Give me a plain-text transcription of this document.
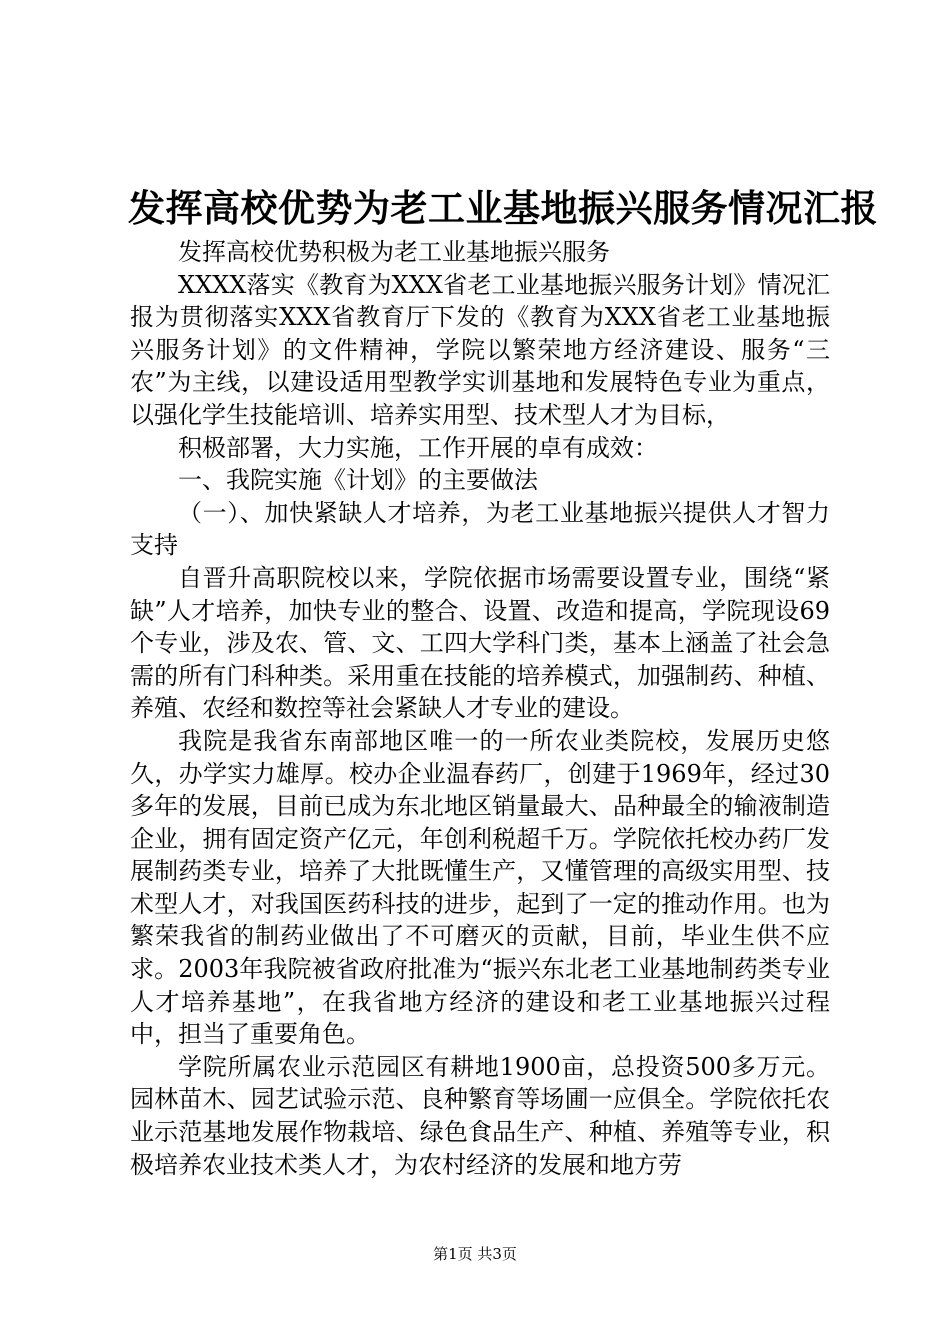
发挥高校优势为老工业基地振兴服务情况汇报

发挥高校优势积极为老工业基地振兴服务

XXXX落实《教育为XXX省老工业基地振兴服务计划》情况汇报为贯彻落实XXX省教育厅下发的《教育为XXX省老工业基地振兴服务计划》的文件精神，学院以繁荣地方经济建设、服务“三农”为主线，以建设适用型教学实训基地和发展特色专业为重点，以强化学生技能培训、培养实用型、技术型人才为目标，

积极部署，大力实施，工作开展的卓有成效：

一、我院实施《计划》的主要做法

（一）、加快紧缺人才培养，为老工业基地振兴提供人才智力支持

自晋升高职院校以来，学院依据市场需要设置专业，围绕“紧缺”人才培养，加快专业的整合、设置、改造和提高，学院现设69个专业，涉及农、管、文、工四大学科门类，基本上涵盖了社会急需的所有门科种类。采用重在技能的培养模式，加强制药、种植、养殖、农经和数控等社会紧缺人才专业的建设。

我院是我省东南部地区唯一的一所农业类院校，发展历史悠久，办学实力雄厚。校办企业温春药厂，创建于1969年，经过30多年的发展，目前已成为东北地区销量最大、品种最全的输液制造企业，拥有固定资产亿元，年创利税超千万。学院依托校办药厂发展制药类专业，培养了大批既懂生产，又懂管理的高级实用型、技术型人才，对我国医药科技的进步，起到了一定的推动作用。也为繁荣我省的制药业做出了不可磨灭的贡献，目前，毕业生供不应求。2003年我院被省政府批准为“振兴东北老工业基地制药类专业人才培养基地”，在我省地方经济的建设和老工业基地振兴过程中，担当了重要角色。

学院所属农业示范园区有耕地1900亩，总投资500多万元。园林苗木、园艺试验示范、良种繁育等场圃一应俱全。学院依托农业示范基地发展作物栽培、绿色食品生产、种植、养殖等专业，积极培养农业技术类人才，为农村经济的发展和地方劳

第1页 共3页
